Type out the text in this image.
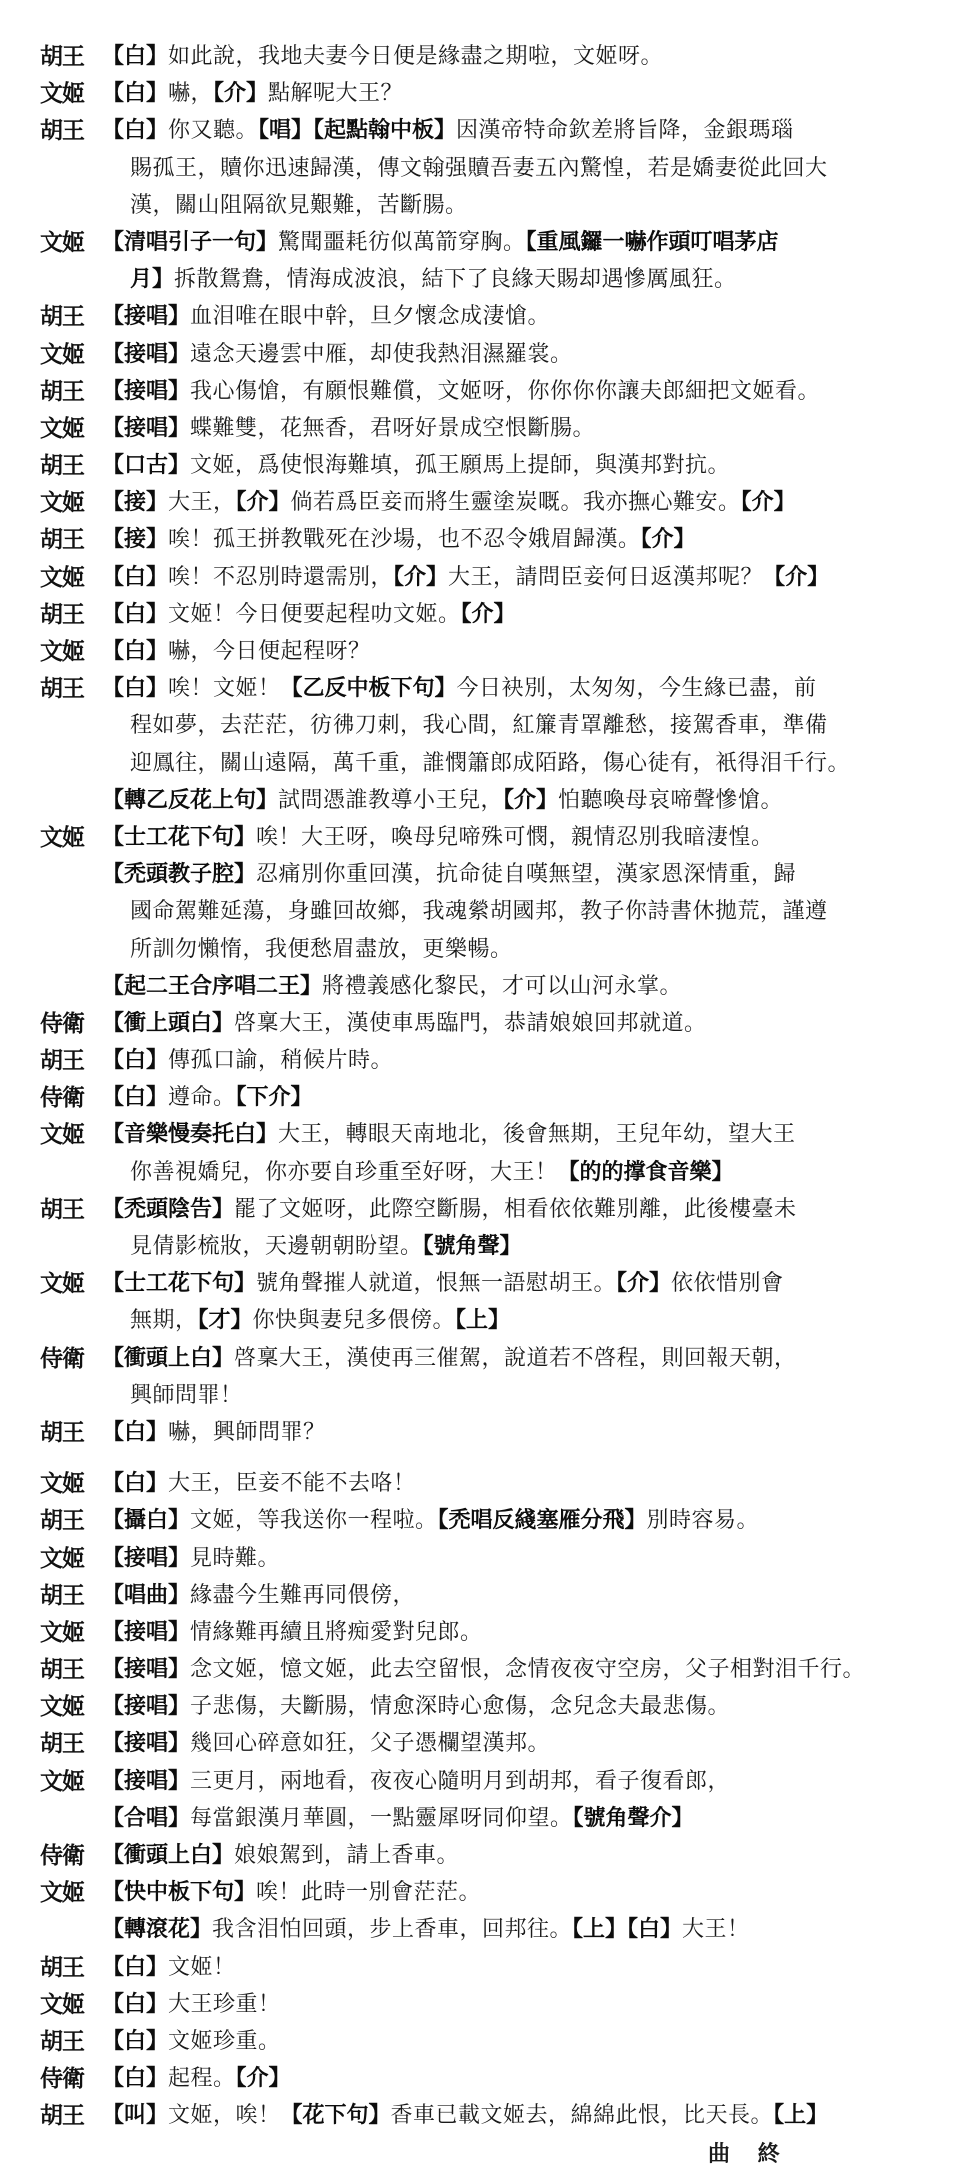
胡王 【白】如此說，我地夫妻今日便是緣盡之期啦，文姬呀。
文姬 【白】嚇，【介】點解呢大王？
胡王 【白】你又聽。【唱】【起點翰中板】因漢帝特命欽差將旨降，金銀瑪瑙
賜孤王，贖你迅速歸漢，傳文翰强贖吾妻五內驚惶，若是嬌妻從此回大
漢，關山阻隔欲見艱難，苦斷腸。
文姬 【清唱引子一句】驚聞噩耗彷似萬箭穿胸。【重風鑼一嚇作頭叮唱茅店
月】拆散鴛鴦，情海成波浪，結下了良緣天賜却遇慘厲風狂。
胡王 【接唱】血泪唯在眼中幹，旦夕懷念成淒愴。
文姬 【接唱】遠念天邊雲中雁，却使我熱泪濕羅裳。
胡王 【接唱】我心傷愴，有願恨難償，文姬呀，你你你你讓夫郎細把文姬看。
文姬 【接唱】蝶難雙，花無香，君呀好景成空恨斷腸。
胡王 【口古】文姬，爲使恨海難填，孤王願馬上提師，與漢邦對抗。
文姬 【接】大王，【介】倘若爲臣妾而將生靈塗炭嘅。我亦撫心難安。【介】
胡王 【接】唉！孤王拼教戰死在沙場，也不忍令娥眉歸漢。【介】
文姬 【白】唉！不忍別時還需別，【介】大王，請問臣妾何日返漢邦呢？【介】
胡王 【白】文姬！今日便要起程叻文姬。【介】
文姬 【白】嚇，今日便起程呀？
胡王 【白】唉！文姬！【乙反中板下句】今日袂別，太匆匆，今生緣已盡，前
程如夢，去茫茫，彷彿刀刺，我心間，紅簾青罩離愁，接駕香車，準備
迎鳳往，關山遠隔，萬千重，誰憫簫郎成陌路，傷心徒有，衹得泪千行。
【轉乙反花上句】試問憑誰教導小王兒，【介】怕聽喚母哀啼聲慘愴。
文姬 【士工花下句】唉！大王呀，喚母兒啼殊可憫，親情忍別我暗淒惶。
【禿頭教子腔】忍痛別你重回漢，抗命徒自嘆無望，漢家恩深情重，歸
國命駕難延蕩，身雖回故鄉，我魂縈胡國邦，教子你詩書休拋荒，謹遵
所訓勿懶惰，我便愁眉盡放，更樂暢。
【起二王合序唱二王】將禮義感化黎民，才可以山河永掌。
侍衛 【衝上頭白】啓稟大王，漢使車馬臨門，恭請娘娘回邦就道。
胡王 【白】傳孤口諭，稍候片時。
侍衛 【白】遵命。【下介】
文姬 【音樂慢奏托白】大王，轉眼天南地北，後會無期，王兒年幼，望大王
你善視嬌兒，你亦要自珍重至好呀，大王！【的的撑食音樂】
胡王 【禿頭陰告】罷了文姬呀，此際空斷腸，相看依依難別離，此後樓臺未
見倩影梳妝，天邊朝朝盼望。【號角聲】
文姬 【士工花下句】號角聲摧人就道，恨無一語慰胡王。【介】依依惜別會
無期，【才】你快與妻兒多偎傍。【上】
侍衛 【衝頭上白】啓稟大王，漢使再三催駕，說道若不啓程，則回報天朝，
興師問罪！
胡王 【白】嚇，興師問罪？
文姬 【白】大王，臣妾不能不去咯！
胡王 【攝白】文姬，等我送你一程啦。【禿唱反綫塞雁分飛】別時容易。
文姬 【接唱】見時難。
胡王 【唱曲】緣盡今生難再同偎傍，
文姬 【接唱】情緣難再續且將痴愛對兒郎。
胡王 【接唱】念文姬，憶文姬，此去空留恨，念情夜夜守空房，父子相對泪千行。
文姬 【接唱】子悲傷，夫斷腸，情愈深時心愈傷，念兒念夫最悲傷。
胡王 【接唱】幾回心碎意如狂，父子憑欄望漢邦。
文姬 【接唱】三更月，兩地看，夜夜心隨明月到胡邦，看子復看郎，
【合唱】每當銀漢月華圓，一點靈犀呀同仰望。【號角聲介】
侍衛 【衝頭上白】娘娘駕到，請上香車。
文姬 【快中板下句】唉！此時一別會茫茫。
【轉滾花】我含泪怕回頭，步上香車，回邦往。【上】【白】大王！
胡王 【白】文姬！
文姬 【白】大王珍重！
胡王 【白】文姬珍重。
侍衛 【白】起程。【介】
胡王 【叫】文姬，唉！【花下句】香車已載文姬去，綿綿此恨，比天長。【上】
曲 終
